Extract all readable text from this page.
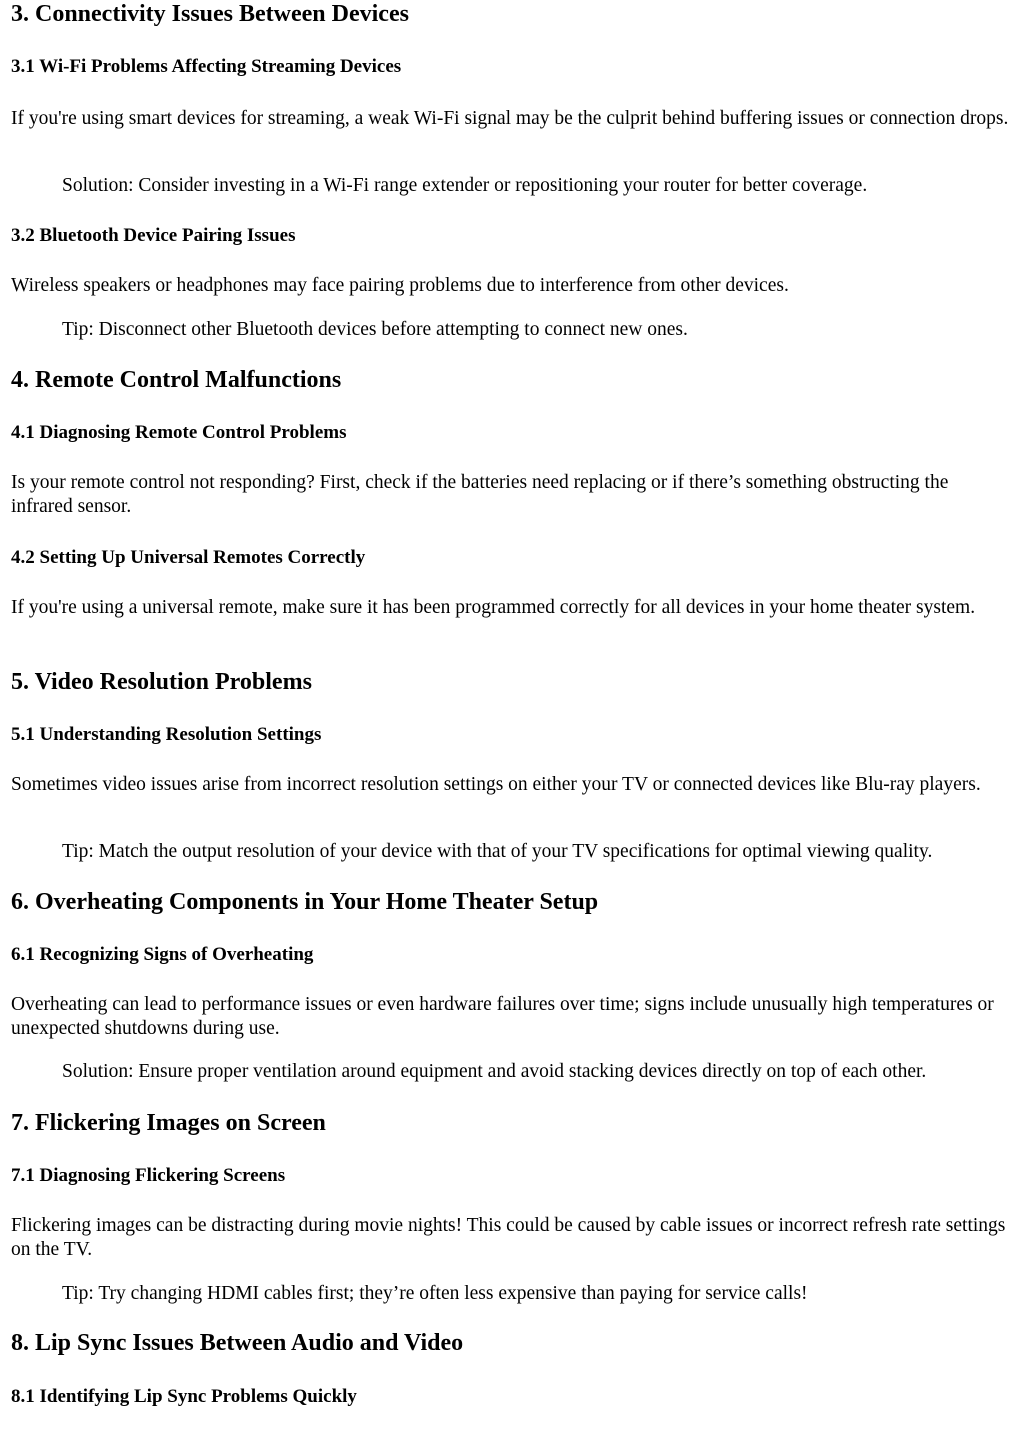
3. Connectivity Issues Between Devices
3.1 Wi-Fi Problems Affecting Streaming Devices

If you're using smart devices for streaming, a weak Wi-Fi signal may be the culprit behind buffering issues or connection drops.

Solution: Consider investing in a Wi-Fi range extender or repositioning your router for better coverage.
3.2 Bluetooth Device Pairing Issues

Wireless speakers or headphones may face pairing problems due to interference from other devices.

Tip: Disconnect other Bluetooth devices before attempting to connect new ones.
4. Remote Control Malfunctions
4.1 Diagnosing Remote Control Problems

Is your remote control not responding? First, check if the batteries need replacing or if there’s something obstructing the infrared sensor.

4.2 Setting Up Universal Remotes Correctly

If you're using a universal remote, make sure it has been programmed correctly for all devices in your home theater system.

5. Video Resolution Problems
5.1 Understanding Resolution Settings

Sometimes video issues arise from incorrect resolution settings on either your TV or connected devices like Blu-ray players.

Tip: Match the output resolution of your device with that of your TV specifications for optimal viewing quality.
6. Overheating Components in Your Home Theater Setup
6.1 Recognizing Signs of Overheating

Overheating can lead to performance issues or even hardware failures over time; signs include unusually high temperatures or unexpected shutdowns during use.

Solution: Ensure proper ventilation around equipment and avoid stacking devices directly on top of each other.
7. Flickering Images on Screen
7.1 Diagnosing Flickering Screens

Flickering images can be distracting during movie nights! This could be caused by cable issues or incorrect refresh rate settings on the TV.

Tip: Try changing HDMI cables first; they’re often less expensive than paying for service calls!
8. Lip Sync Issues Between Audio and Video
8.1 Identifying Lip Sync Problems Quickly
